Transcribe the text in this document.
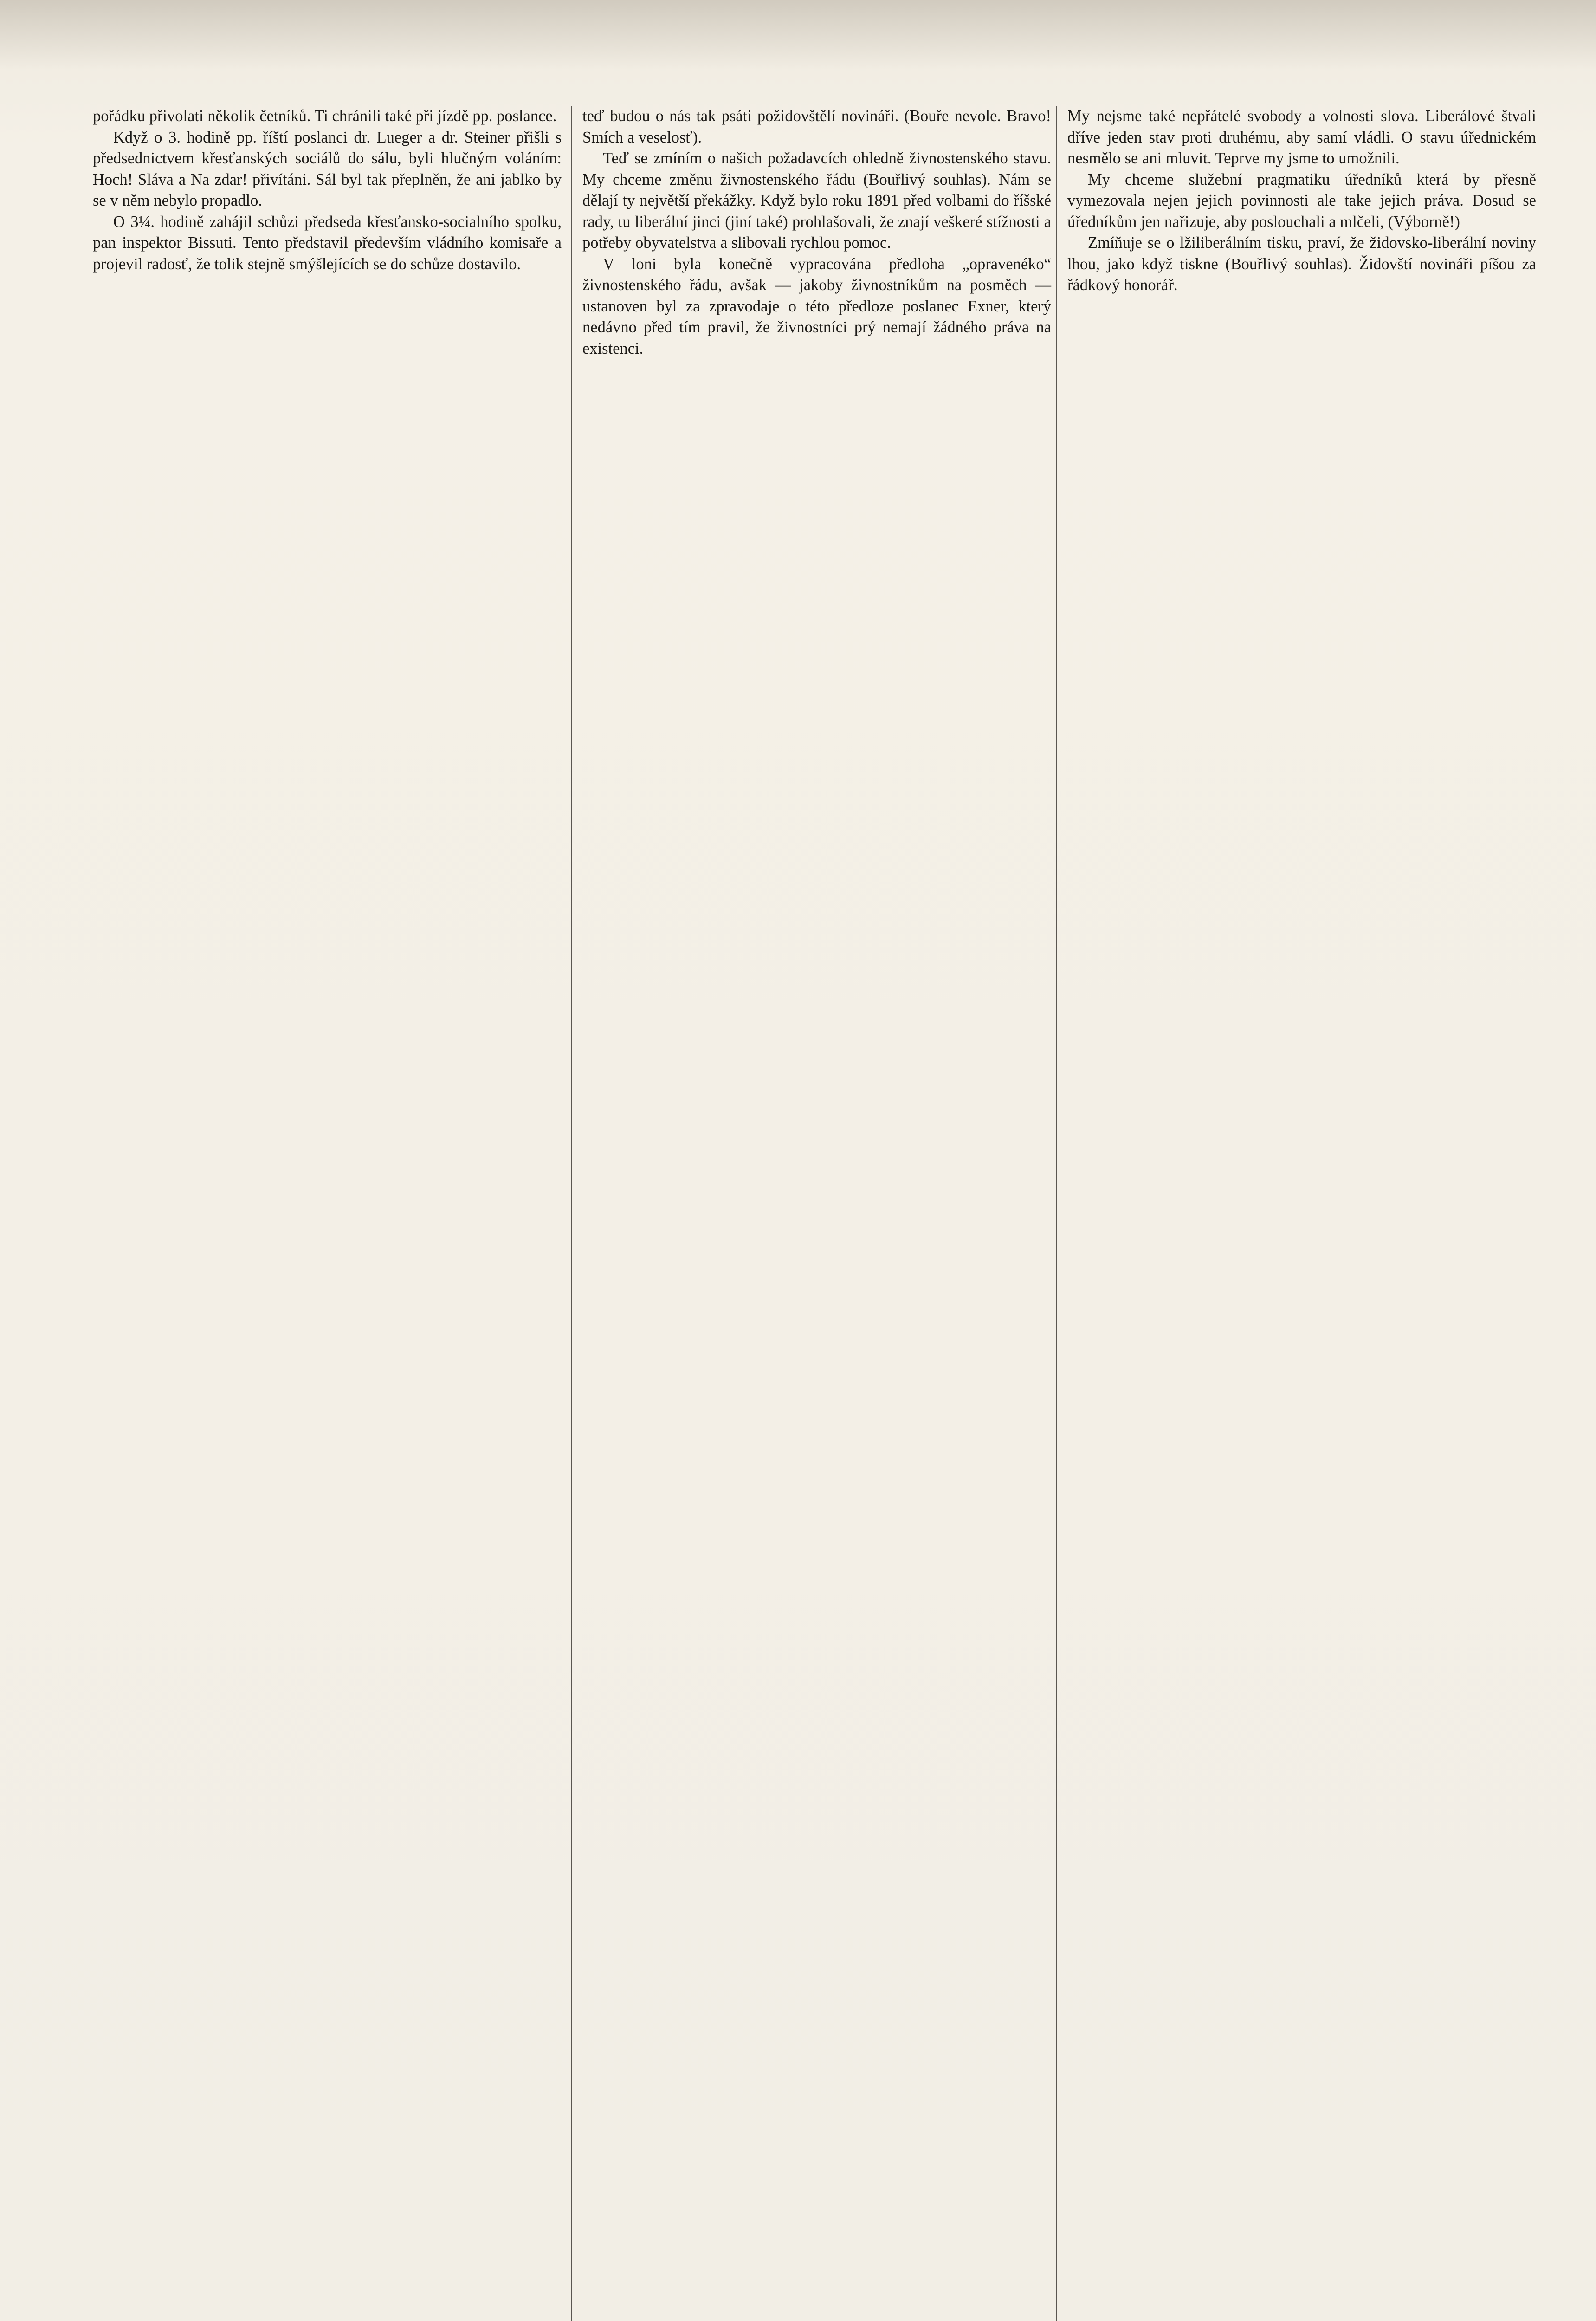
pořádku přivolati několik četníků. Ti chránili také při jízdě pp. poslance.

Když o 3. hodině pp. říští poslanci dr. Lueger a dr. Steiner přišli s předsednictvem křesťanských sociálů do sálu, byli hlučným voláním: Hoch! Sláva a Na zdar! přivítáni. Sál byl tak přeplněn, že ani jablko by se v něm nebylo propadlo.

O 3¼. hodině zahájil schůzi předseda křesťansko-socialního spolku, pan inspektor Bissuti. Tento představil především vládního komisaře a projevil radosť, že tolik stejně smýšlejících se do schůze dostavilo.

teď budou o nás tak psáti požidovštělí novináři. (Bouře nevole. Bravo! Smích a veselosť).

Teď se zmíním o našich požadavcích ohledně živnostenského stavu. My chceme změnu živnostenského řádu (Bouřlivý souhlas). Nám se dělají ty největší překážky. Když bylo roku 1891 před volbami do říšské rady, tu liberální jinci (jiní také) prohlašovali, že znají veškeré stížnosti a potřeby obyvatelstva a slibovali rychlou pomoc.

V loni byla konečně vypracována předloha „opravenéko“ živnostenského řádu, avšak — jakoby živnostníkům na posměch — ustanoven byl za zpravodaje o této předloze poslanec Exner, který nedávno před tím pravil, že živnostníci prý nemají žádného práva na existenci.

My nejsme také nepřátelé svobody a volnosti slova. Liberálové štvali dříve jeden stav proti druhému, aby samí vládli. O stavu úřednickém nesmělo se ani mluvit. Teprve my jsme to umožnili.

My chceme služební pragmatiku úředníků která by přesně vymezovala nejen jejich povinnosti ale take jejich práva. Dosud se úředníkům jen nařizuje, aby poslouchali a mlčeli, (Výborně!)

Zmíňuje se o lžiliberálním tisku, praví, že židovsko-liberální noviny lhou, jako když tiskne (Bouřlivý souhlas). Židovští novináři píšou za řádkový honorář.
